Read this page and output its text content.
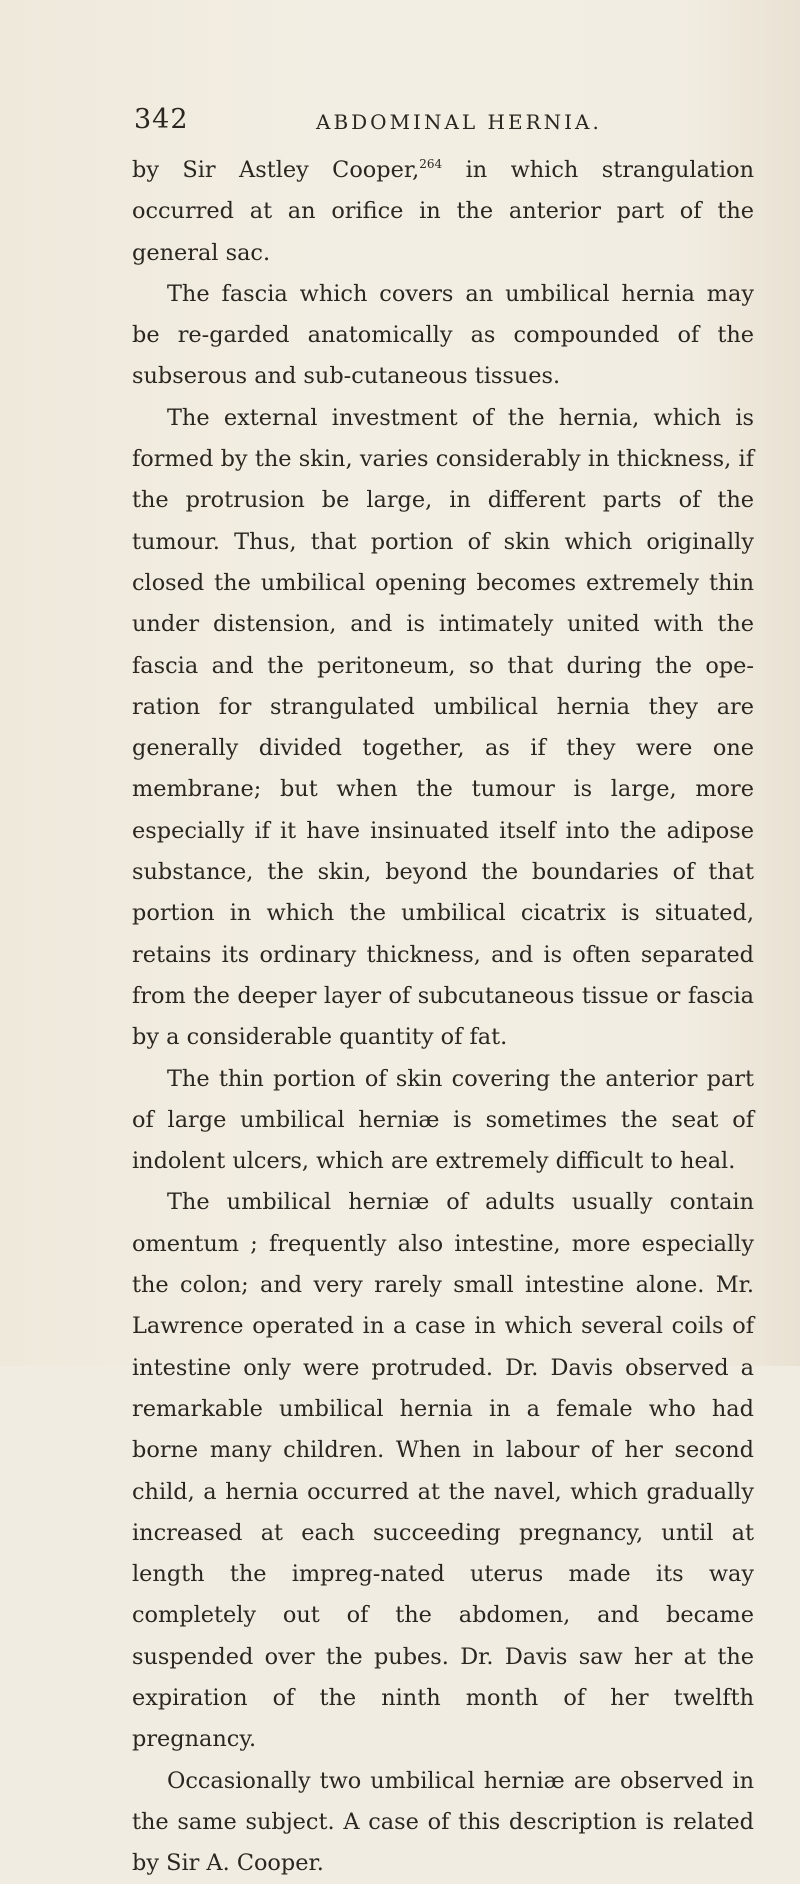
342	ABDOMINAL HERNIA.

by Sir Astley Cooper,$^{264}$ in which strangulation occurred at an orifice in the anterior part of the general sac.

The fascia which covers an umbilical hernia may be re-garded anatomically as compounded of the subserous and sub-cutaneous tissues.

The external investment of the hernia, which is formed by the skin, varies considerably in thickness, if the protrusion be large, in different parts of the tumour. Thus, that portion of skin which originally closed the umbilical opening becomes extremely thin under distension, and is intimately united with the fascia and the peritoneum, so that during the ope-ration for strangulated umbilical hernia they are generally divided together, as if they were one membrane; but when the tumour is large, more especially if it have insinuated itself into the adipose substance, the skin, beyond the boundaries of that portion in which the umbilical cicatrix is situated, retains its ordinary thickness, and is often separated from the deeper layer of subcutaneous tissue or fascia by a considerable quantity of fat.

The thin portion of skin covering the anterior part of large umbilical herniæ is sometimes the seat of indolent ulcers, which are extremely difficult to heal.

The umbilical herniæ of adults usually contain omentum ; frequently also intestine, more especially the colon; and very rarely small intestine alone. Mr. Lawrence operated in a case in which several coils of intestine only were protruded. Dr. Davis observed a remarkable umbilical hernia in a female who had borne many children. When in labour of her second child, a hernia occurred at the navel, which gradually increased at each succeeding pregnancy, until at length the impreg-nated uterus made its way completely out of the abdomen, and became suspended over the pubes. Dr. Davis saw her at the expiration of the ninth month of her twelfth pregnancy.

Occasionally two umbilical herniæ are observed in the same subject. A case of this description is related by Sir A. Cooper.
